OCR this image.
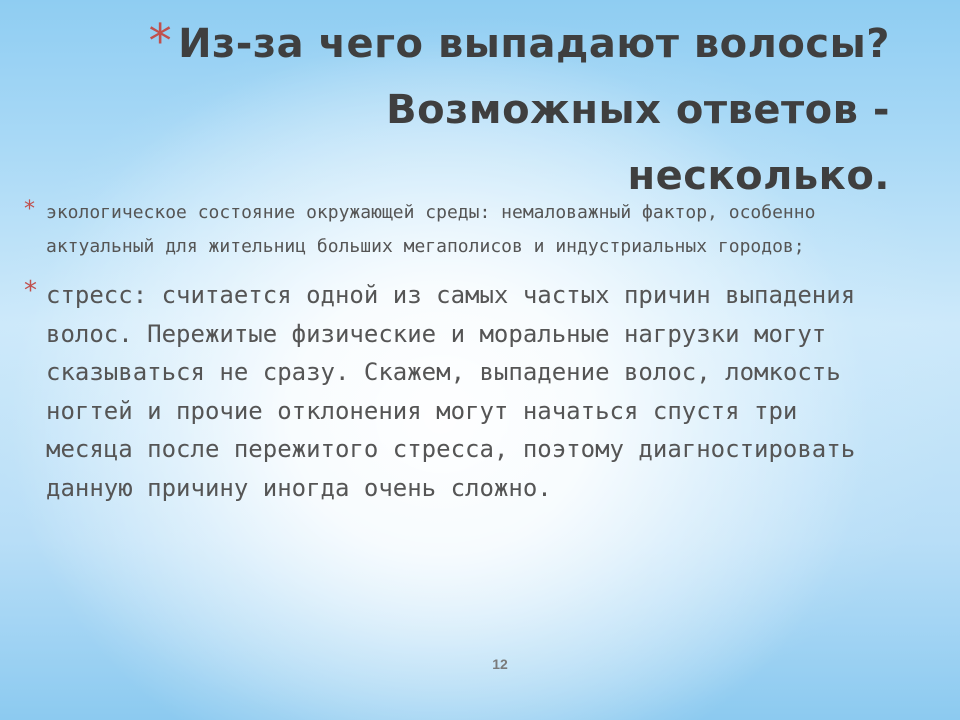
* Из-за чего выпадают волосы?
Возможных ответов -
несколько.
* экологическое состояние окружающей среды: немаловажный фактор, особенно актуальный для жительниц больших мегаполисов и индустриальных городов;
* стресс: считается одной из самых частых причин выпадения волос. Пережитые физические и моральные нагрузки могут сказываться не сразу. Скажем, выпадение волос, ломкость ногтей и прочие отклонения могут начаться спустя три месяца после пережитого стресса, поэтому диагностировать данную причину иногда очень сложно.
12
